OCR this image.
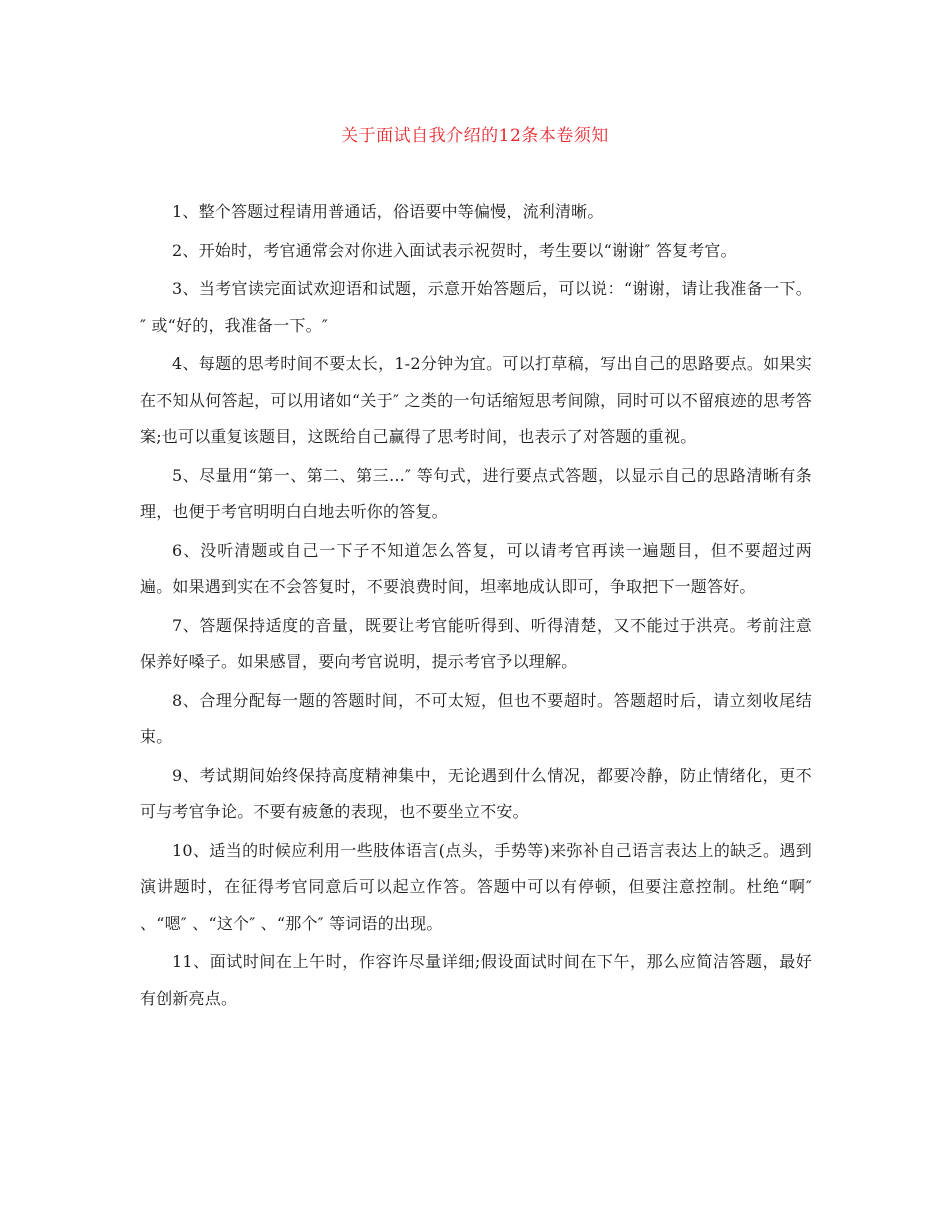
关于面试自我介绍的12条本卷须知

1、整个答题过程请用普通话，俗语要中等偏慢，流利清晰。

2、开始时，考官通常会对你进入面试表示祝贺时，考生要以“谢谢″ 答复考官。

3、当考官读完面试欢迎语和试题，示意开始答题后，可以说：“谢谢，请让我准备一下。″ 或“好的，我准备一下。″

4、每题的思考时间不要太长，1-2分钟为宜。可以打草稿，写出自己的思路要点。如果实在不知从何答起，可以用诸如“关于″ 之类的一句话缩短思考间隙，同时可以不留痕迹的思考答案;也可以重复该题目，这既给自己赢得了思考时间，也表示了对答题的重视。

5、尽量用“第一、第二、第三...″ 等句式，进行要点式答题，以显示自己的思路清晰有条理，也便于考官明明白白地去听你的答复。

6、没听清题或自己一下子不知道怎么答复，可以请考官再读一遍题目，但不要超过两遍。如果遇到实在不会答复时，不要浪费时间，坦率地成认即可，争取把下一题答好。

7、答题保持适度的音量，既要让考官能听得到、听得清楚，又不能过于洪亮。考前注意保养好嗓子。如果感冒，要向考官说明，提示考官予以理解。

8、合理分配每一题的答题时间，不可太短，但也不要超时。答题超时后，请立刻收尾结束。

9、考试期间始终保持高度精神集中，无论遇到什么情况，都要冷静，防止情绪化，更不可与考官争论。不要有疲惫的表现，也不要坐立不安。

10、适当的时候应利用一些肢体语言(点头，手势等)来弥补自己语言表达上的缺乏。遇到演讲题时，在征得考官同意后可以起立作答。答题中可以有停顿，但要注意控制。杜绝“啊″ 、“嗯″ 、“这个″ 、“那个″ 等词语的出现。

11、面试时间在上午时，作容许尽量详细;假设面试时间在下午，那么应简洁答题，最好有创新亮点。
